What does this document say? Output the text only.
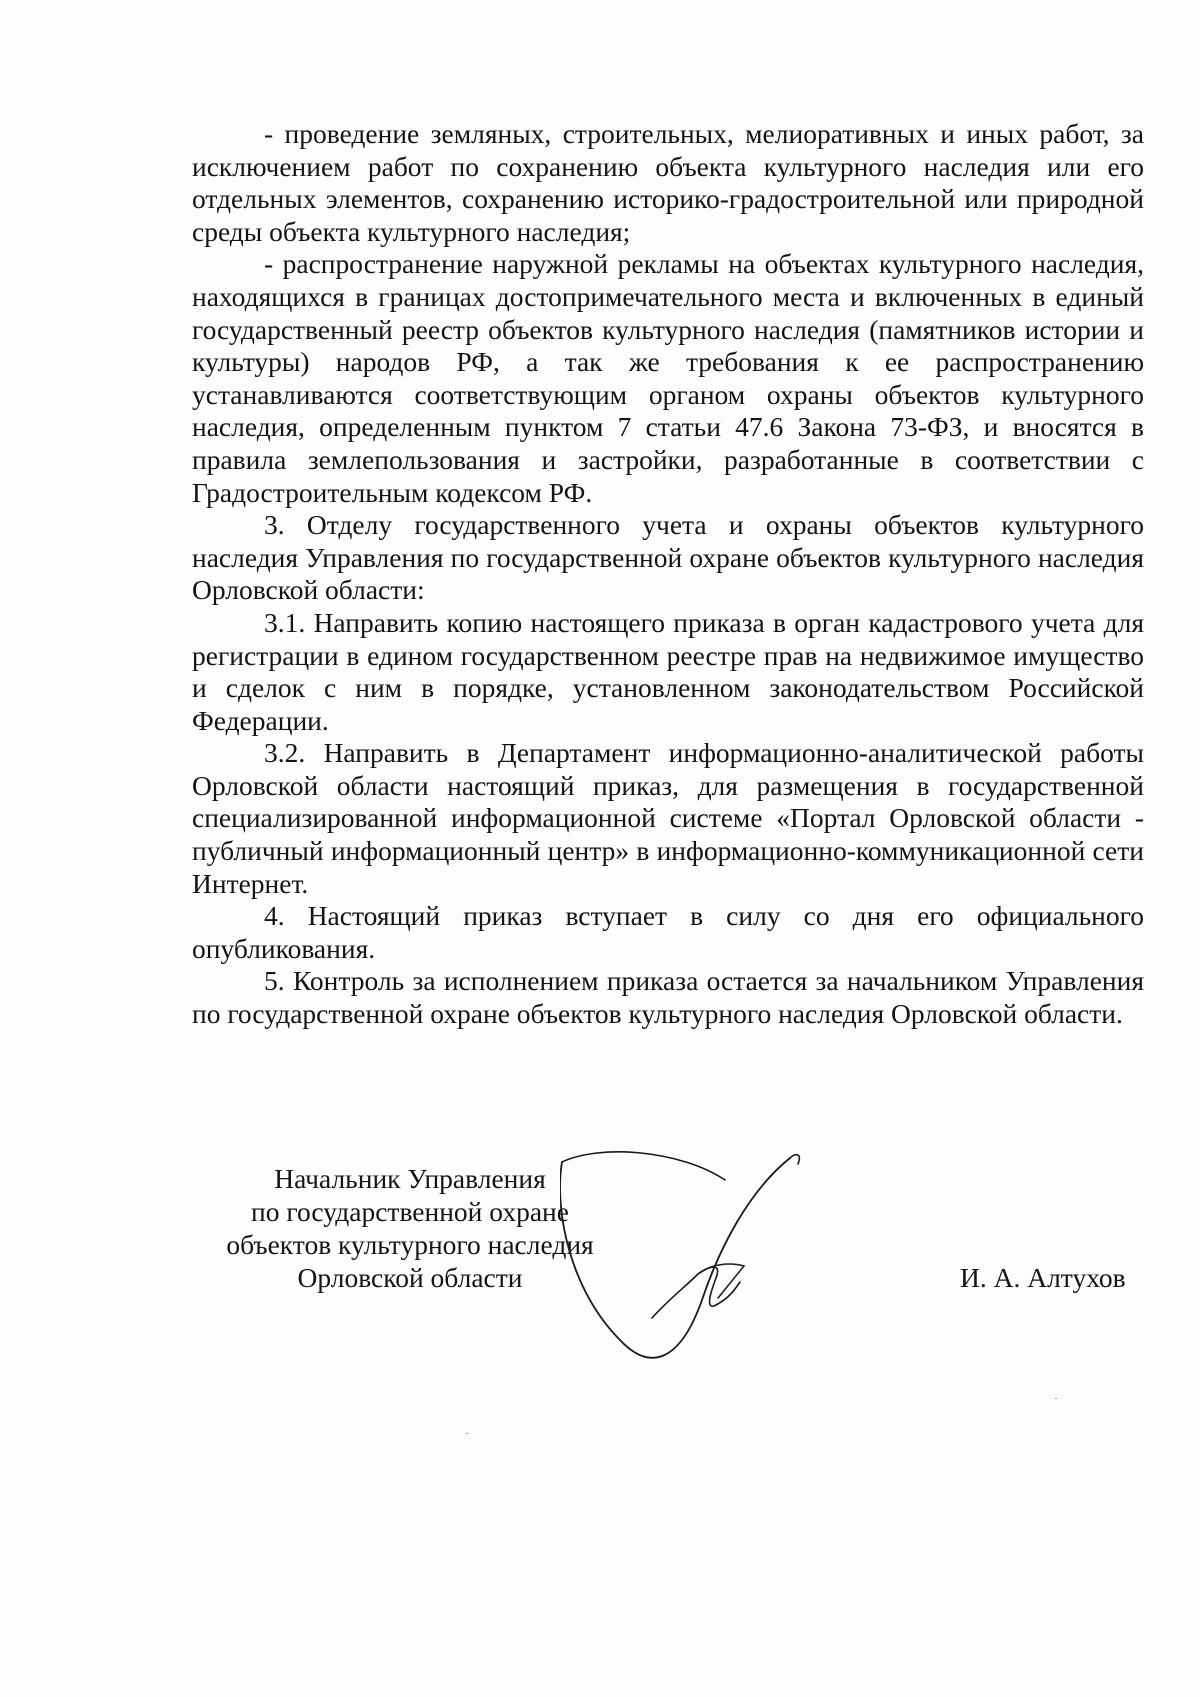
- проведение земляных, строительных, мелиоративных и иных работ, за исключением работ по сохранению объекта культурного наследия или его отдельных элементов, сохранению историко-градостроительной или природной среды объекта культурного наследия;

- распространение наружной рекламы на объектах культурного наследия, находящихся в границах достопримечательного места и включенных в единый государственный реестр объектов культурного наследия (памятников истории и культуры) народов РФ, а так же требования к ее распространению устанавливаются соответствующим органом охраны объектов культурного наследия, определенным пунктом 7 статьи 47.6 Закона 73-ФЗ, и вносятся в правила землепользования и застройки, разработанные в соответствии с Градостроительным кодексом РФ.

3. Отделу государственного учета и охраны объектов культурного наследия Управления по государственной охране объектов культурного наследия Орловской области:

3.1. Направить копию настоящего приказа в орган кадастрового учета для регистрации в едином государственном реестре прав на недвижимое имущество и сделок с ним в порядке, установленном законодательством Российской Федерации.

3.2. Направить в Департамент информационно-аналитической работы Орловской области настоящий приказ, для размещения в государственной специализированной информационной системе «Портал Орловской области - публичный информационный центр» в информационно-коммуникационной сети Интернет.

4. Настоящий приказ вступает в силу со дня его официального опубликования.

5. Контроль за исполнением приказа остается за начальником Управления по государственной охране объектов культурного наследия Орловской области.

Начальник Управления
по государственной охране
объектов культурного наследия
Орловской области	И. А. Алтухов
